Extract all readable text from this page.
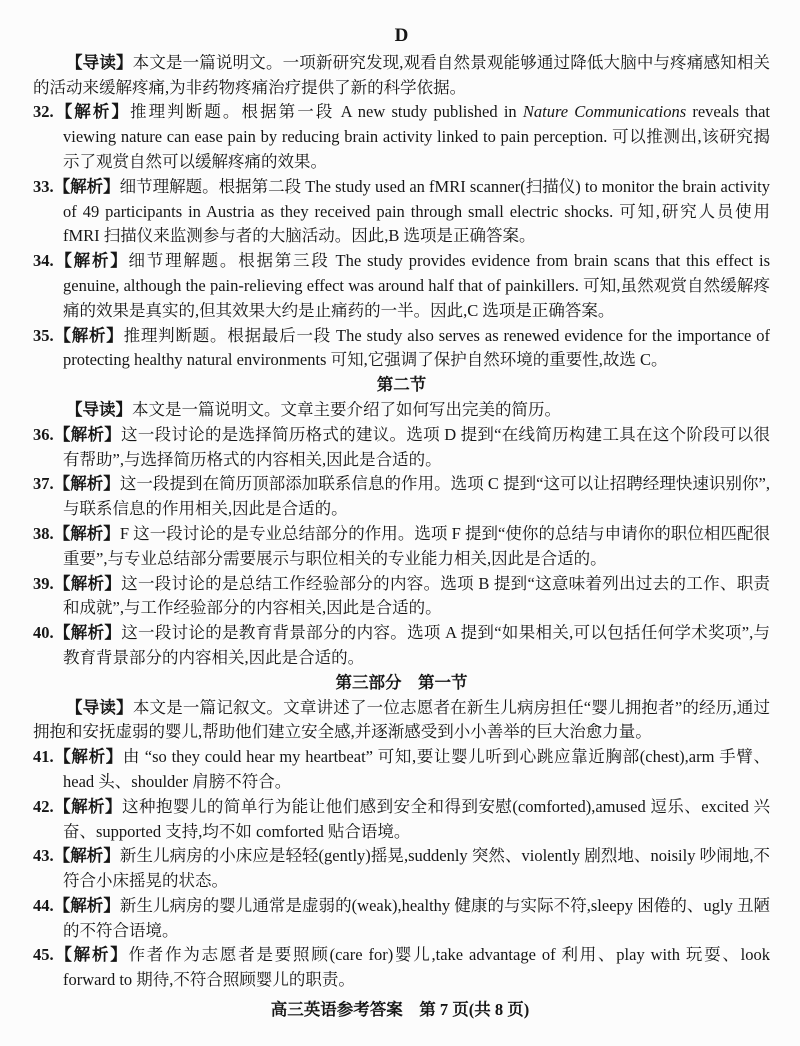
D

【导读】本文是一篇说明文。一项新研究发现,观看自然景观能够通过降低大脑中与疼痛感知相关的活动来缓解疼痛,为非药物疼痛治疗提供了新的科学依据。

32.【解析】推理判断题。根据第一段 A new study published in Nature Communications reveals that viewing nature can ease pain by reducing brain activity linked to pain perception. 可以推测出,该研究揭示了观赏自然可以缓解疼痛的效果。

33.【解析】细节理解题。根据第二段 The study used an fMRI scanner(扫描仪) to monitor the brain activity of 49 participants in Austria as they received pain through small electric shocks. 可知,研究人员使用 fMRI 扫描仪来监测参与者的大脑活动。因此,B 选项是正确答案。

34.【解析】细节理解题。根据第三段 The study provides evidence from brain scans that this effect is genuine, although the pain-relieving effect was around half that of painkillers. 可知,虽然观赏自然缓解疼痛的效果是真实的,但其效果大约是止痛药的一半。因此,C 选项是正确答案。

35.【解析】推理判断题。根据最后一段 The study also serves as renewed evidence for the importance of protecting healthy natural environments 可知,它强调了保护自然环境的重要性,故选 C。

第二节

【导读】本文是一篇说明文。文章主要介绍了如何写出完美的简历。

36.【解析】这一段讨论的是选择简历格式的建议。选项 D 提到“在线简历构建工具在这个阶段可以很有帮助”,与选择简历格式的内容相关,因此是合适的。

37.【解析】这一段提到在简历顶部添加联系信息的作用。选项 C 提到“这可以让招聘经理快速识别你”,与联系信息的作用相关,因此是合适的。

38.【解析】F 这一段讨论的是专业总结部分的作用。选项 F 提到“使你的总结与申请你的职位相匹配很重要”,与专业总结部分需要展示与职位相关的专业能力相关,因此是合适的。

39.【解析】这一段讨论的是总结工作经验部分的内容。选项 B 提到“这意味着列出过去的工作、职责和成就”,与工作经验部分的内容相关,因此是合适的。

40.【解析】这一段讨论的是教育背景部分的内容。选项 A 提到“如果相关,可以包括任何学术奖项”,与教育背景部分的内容相关,因此是合适的。

第三部分　第一节

【导读】本文是一篇记叙文。文章讲述了一位志愿者在新生儿病房担任“婴儿拥抱者”的经历,通过拥抱和安抚虚弱的婴儿,帮助他们建立安全感,并逐渐感受到小小善举的巨大治愈力量。

41.【解析】由 “so they could hear my heartbeat” 可知,要让婴儿听到心跳应靠近胸部(chest),arm 手臂、head 头、shoulder 肩膀不符合。

42.【解析】这种抱婴儿的简单行为能让他们感到安全和得到安慰(comforted),amused 逗乐、excited 兴奋、supported 支持,均不如 comforted 贴合语境。

43.【解析】新生儿病房的小床应是轻轻(gently)摇晃,suddenly 突然、violently 剧烈地、noisily 吵闹地,不符合小床摇晃的状态。

44.【解析】新生儿病房的婴儿通常是虚弱的(weak),healthy 健康的与实际不符,sleepy 困倦的、ugly 丑陋的不符合语境。

45.【解析】作者作为志愿者是要照顾(care for)婴儿,take advantage of 利用、play with 玩耍、look forward to 期待,不符合照顾婴儿的职责。

高三英语参考答案　第 7 页(共 8 页)
